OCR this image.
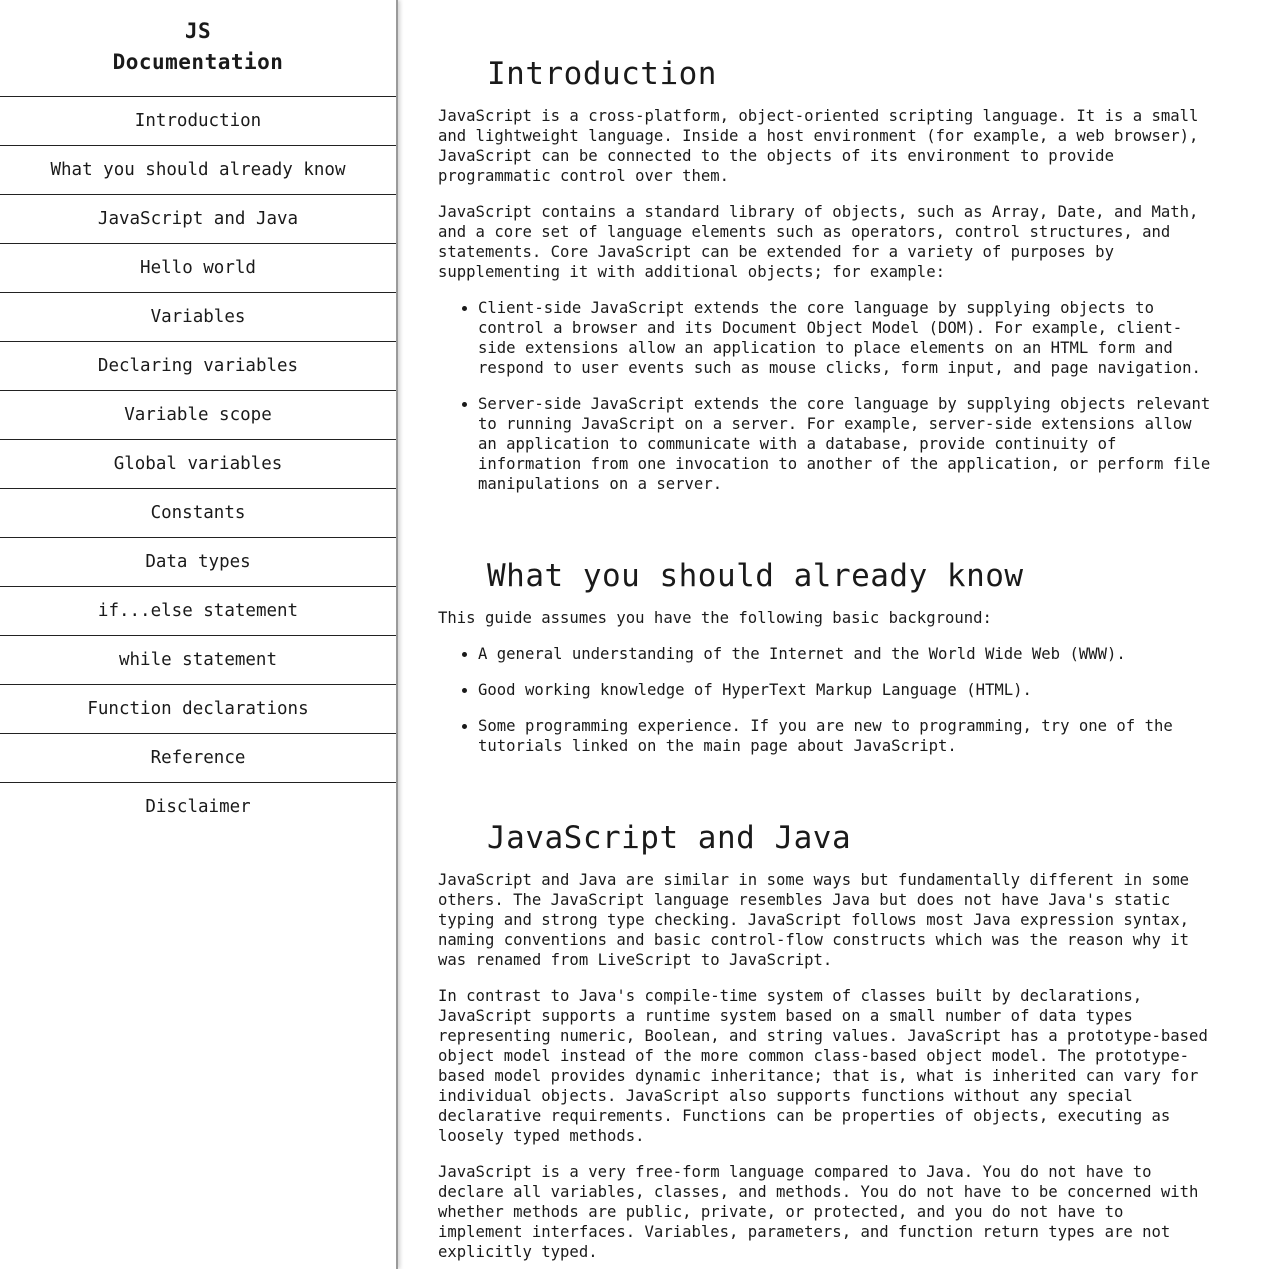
JS
Documentation
Introduction
What you should already know
JavaScript and Java
Hello world
Variables
Declaring variables
Variable scope
Global variables
Constants
Data types
if...else statement
while statement
Function declarations
Reference
Disclaimer
Introduction

JavaScript is a cross-platform, object-oriented scripting language. It is a small and lightweight language. Inside a host environment (for example, a web browser), JavaScript can be connected to the objects of its environment to provide programmatic control over them.

JavaScript contains a standard library of objects, such as Array, Date, and Math, and a core set of language elements such as operators, control structures, and statements. Core JavaScript can be extended for a variety of purposes by supplementing it with additional objects; for example:

• Client-side JavaScript extends the core language by supplying objects to control a browser and its Document Object Model (DOM). For example, client-side extensions allow an application to place elements on an HTML form and respond to user events such as mouse clicks, form input, and page navigation.
• Server-side JavaScript extends the core language by supplying objects relevant to running JavaScript on a server. For example, server-side extensions allow an application to communicate with a database, provide continuity of information from one invocation to another of the application, or perform file manipulations on a server.
What you should already know

This guide assumes you have the following basic background:

• A general understanding of the Internet and the World Wide Web (WWW).
• Good working knowledge of HyperText Markup Language (HTML).
• Some programming experience. If you are new to programming, try one of the tutorials linked on the main page about JavaScript.
JavaScript and Java

JavaScript and Java are similar in some ways but fundamentally different in some others. The JavaScript language resembles Java but does not have Java's static typing and strong type checking. JavaScript follows most Java expression syntax, naming conventions and basic control-flow constructs which was the reason why it was renamed from LiveScript to JavaScript.

In contrast to Java's compile-time system of classes built by declarations, JavaScript supports a runtime system based on a small number of data types representing numeric, Boolean, and string values. JavaScript has a prototype-based object model instead of the more common class-based object model. The prototype-based model provides dynamic inheritance; that is, what is inherited can vary for individual objects. JavaScript also supports functions without any special declarative requirements. Functions can be properties of objects, executing as loosely typed methods.

JavaScript is a very free-form language compared to Java. You do not have to declare all variables, classes, and methods. You do not have to be concerned with whether methods are public, private, or protected, and you do not have to implement interfaces. Variables, parameters, and function return types are not explicitly typed.
